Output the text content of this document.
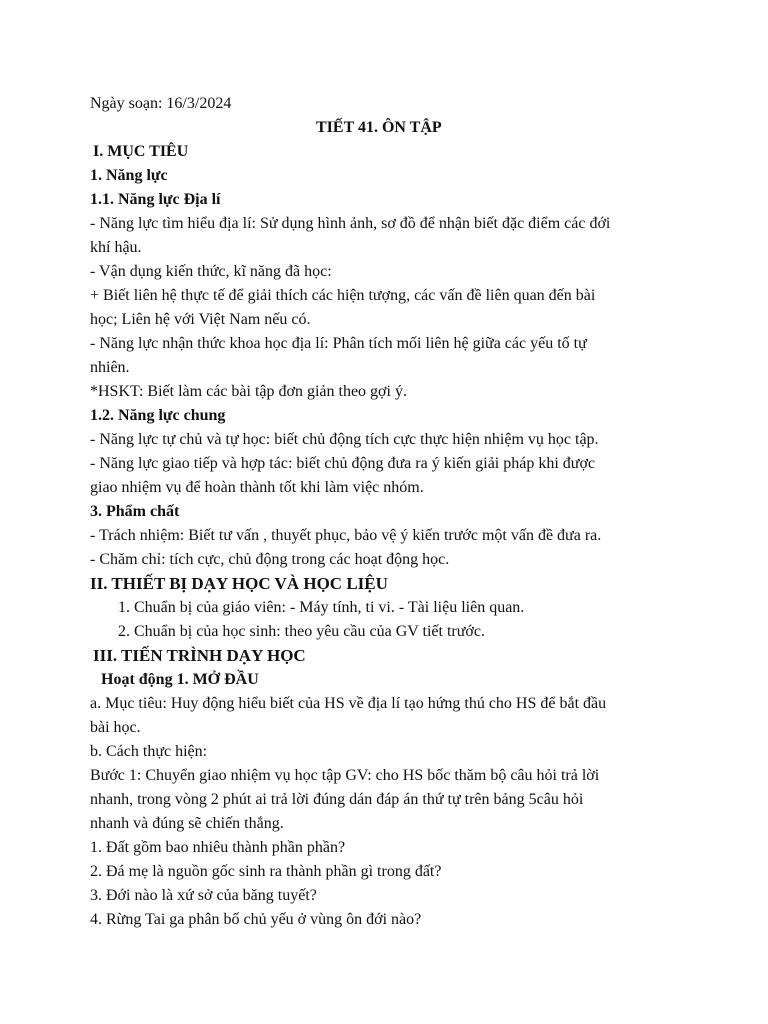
Ngày soạn: 16/3/2024
TIẾT 41. ÔN TẬP
I. MỤC TIÊU
1. Năng lực
1.1. Năng lực Địa lí
- Năng lực tìm hiểu địa lí: Sử dụng hình ảnh, sơ đồ để nhận biết đặc điểm các đới
khí hậu.
- Vận dụng kiến thức, kĩ năng đã học:
+ Biết liên hệ thực tế để giải thích các hiện tượng, các vấn đề liên quan đến bài
học; Liên hệ với Việt Nam nếu có.
- Năng lực nhận thức khoa học địa lí: Phân tích mối liên hệ giữa các yếu tố tự
nhiên.
*HSKT: Biết làm các bài tập đơn giản theo gợi ý.
1.2. Năng lực chung
- Năng lực tự chủ và tự học: biết chủ động tích cực thực hiện nhiệm vụ học tập.
- Năng lực giao tiếp và hợp tác: biết chủ động đưa ra ý kiến giải pháp khi được
giao nhiệm vụ để hoàn thành tốt khi làm việc nhóm.
3. Phẩm chất
- Trách nhiệm: Biết tư vấn , thuyết phục, bảo vệ ý kiến trước một vấn đề đưa ra.
- Chăm chỉ: tích cực, chủ động trong các hoạt động học.
II. THIẾT BỊ DẠY HỌC VÀ HỌC LIỆU
1. Chuẩn bị của giáo viên: - Máy tính, ti vi. - Tài liệu liên quan.
2. Chuẩn bị của học sinh: theo yêu cầu của GV tiết trước.
III. TIẾN TRÌNH DẠY HỌC
Hoạt động 1. MỞ ĐẦU
a. Mục tiêu: Huy động hiểu biết của HS về địa lí tạo hứng thú cho HS để bắt đầu
bài học.
b. Cách thực hiện:
Bước 1: Chuyển giao nhiệm vụ học tập GV: cho HS bốc thăm bộ câu hỏi trả lời
nhanh, trong vòng 2 phút ai trả lời đúng dán đáp án thứ tự trên bảng 5câu hỏi
nhanh và đúng sẽ chiến thắng.
1. Đất gồm bao nhiêu thành phần phần?
2. Đá mẹ là nguồn gốc sinh ra thành phần gì trong đất?
3. Đới nào là xứ sở của băng tuyết?
4. Rừng Tai ga phân bố chủ yếu ở vùng ôn đới nào?
